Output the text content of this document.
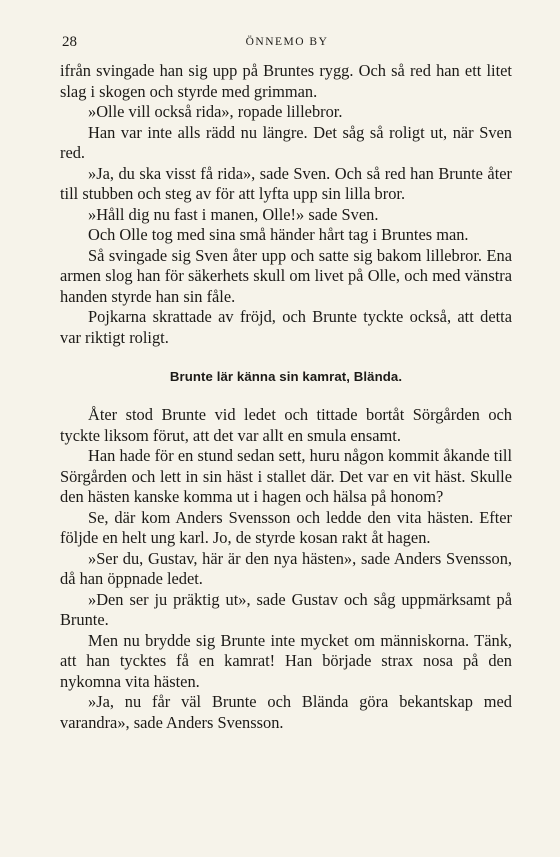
28	ÖNNEMO BY

ifrån svingade han sig upp på Bruntes rygg. Och så red han ett litet slag i skogen och styrde med grimman.

»Olle vill också rida», ropade lillebror.

Han var inte alls rädd nu längre. Det såg så roligt ut, när Sven red.

»Ja, du ska visst få rida», sade Sven. Och så red han Brunte åter till stubben och steg av för att lyfta upp sin lilla bror.

»Håll dig nu fast i manen, Olle!» sade Sven.

Och Olle tog med sina små händer hårt tag i Bruntes man.

Så svingade sig Sven åter upp och satte sig bakom lillebror. Ena armen slog han för säkerhets skull om livet på Olle, och med vänstra handen styrde han sin fåle.

Pojkarna skrattade av fröjd, och Brunte tyckte också, att detta var riktigt roligt.

Brunte lär känna sin kamrat, Blända.

Åter stod Brunte vid ledet och tittade bortåt Sörgården och tyckte liksom förut, att det var allt en smula ensamt.

Han hade för en stund sedan sett, huru någon kommit åkande till Sörgården och lett in sin häst i stallet där. Det var en vit häst. Skulle den hästen kanske komma ut i hagen och hälsa på honom?

Se, där kom Anders Svensson och ledde den vita hästen. Efter följde en helt ung karl. Jo, de styrde kosan rakt åt hagen.

»Ser du, Gustav, här är den nya hästen», sade Anders Svensson, då han öppnade ledet.

»Den ser ju präktig ut», sade Gustav och såg uppmärksamt på Brunte.

Men nu brydde sig Brunte inte mycket om människorna. Tänk, att han tycktes få en kamrat! Han började strax nosa på den nykomna vita hästen.

»Ja, nu får väl Brunte och Blända göra bekantskap med varandra», sade Anders Svensson.
